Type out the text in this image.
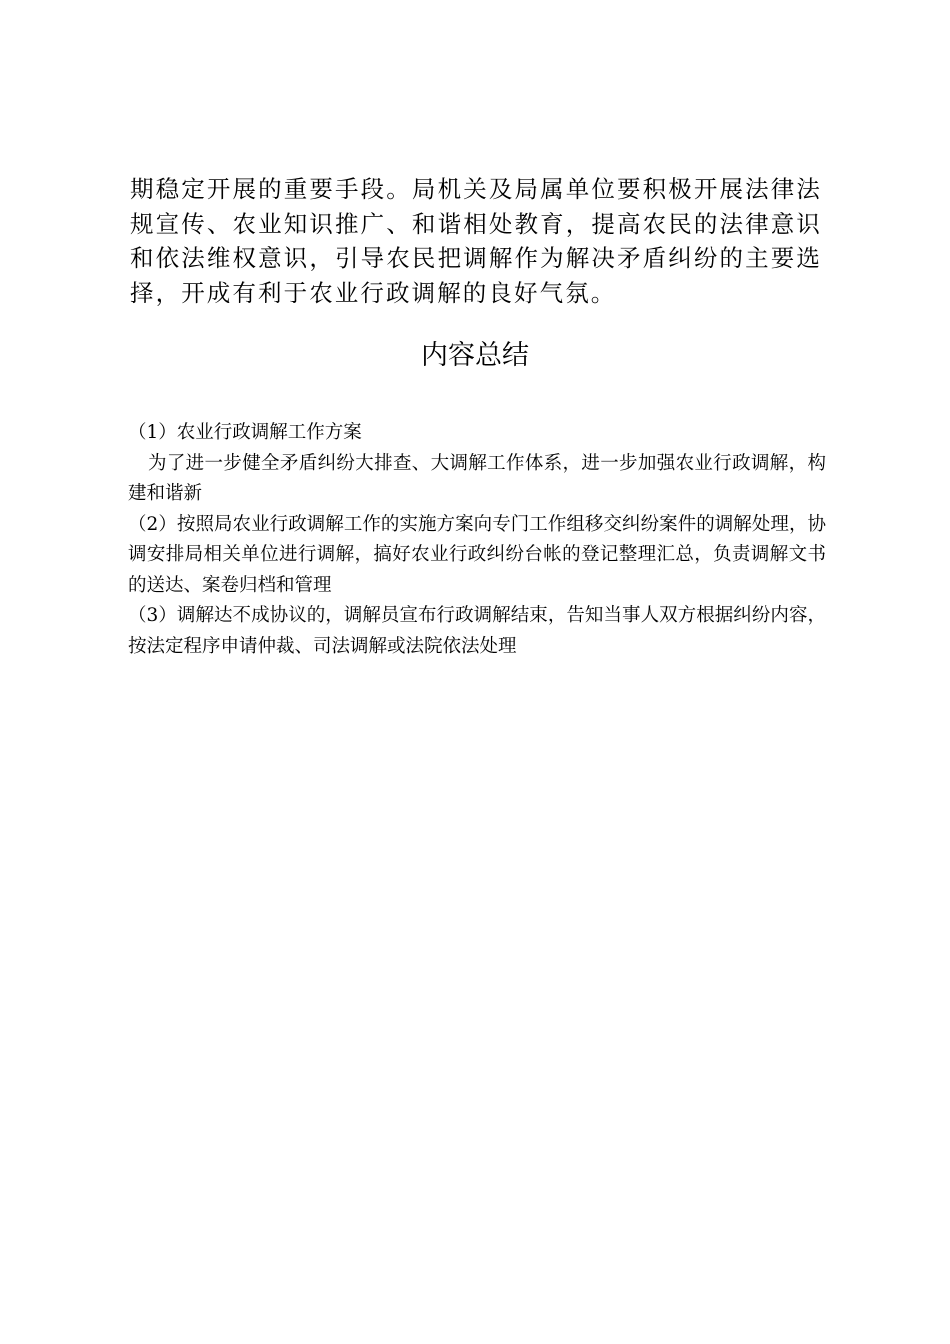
期稳定开展的重要手段。局机关及局属单位要积极开展法律法规宣传、农业知识推广、和谐相处教育，提高农民的法律意识和依法维权意识，引导农民把调解作为解决矛盾纠纷的主要选择，开成有利于农业行政调解的良好气氛。

内容总结

（1）农业行政调解工作方案

为了进一步健全矛盾纠纷大排查、大调解工作体系，进一步加强农业行政调解，构建和谐新

（2）按照局农业行政调解工作的实施方案向专门工作组移交纠纷案件的调解处理，协调安排局相关单位进行调解，搞好农业行政纠纷台帐的登记整理汇总，负责调解文书的送达、案卷归档和管理

（3）调解达不成协议的，调解员宣布行政调解结束，告知当事人双方根据纠纷内容，按法定程序申请仲裁、司法调解或法院依法处理
